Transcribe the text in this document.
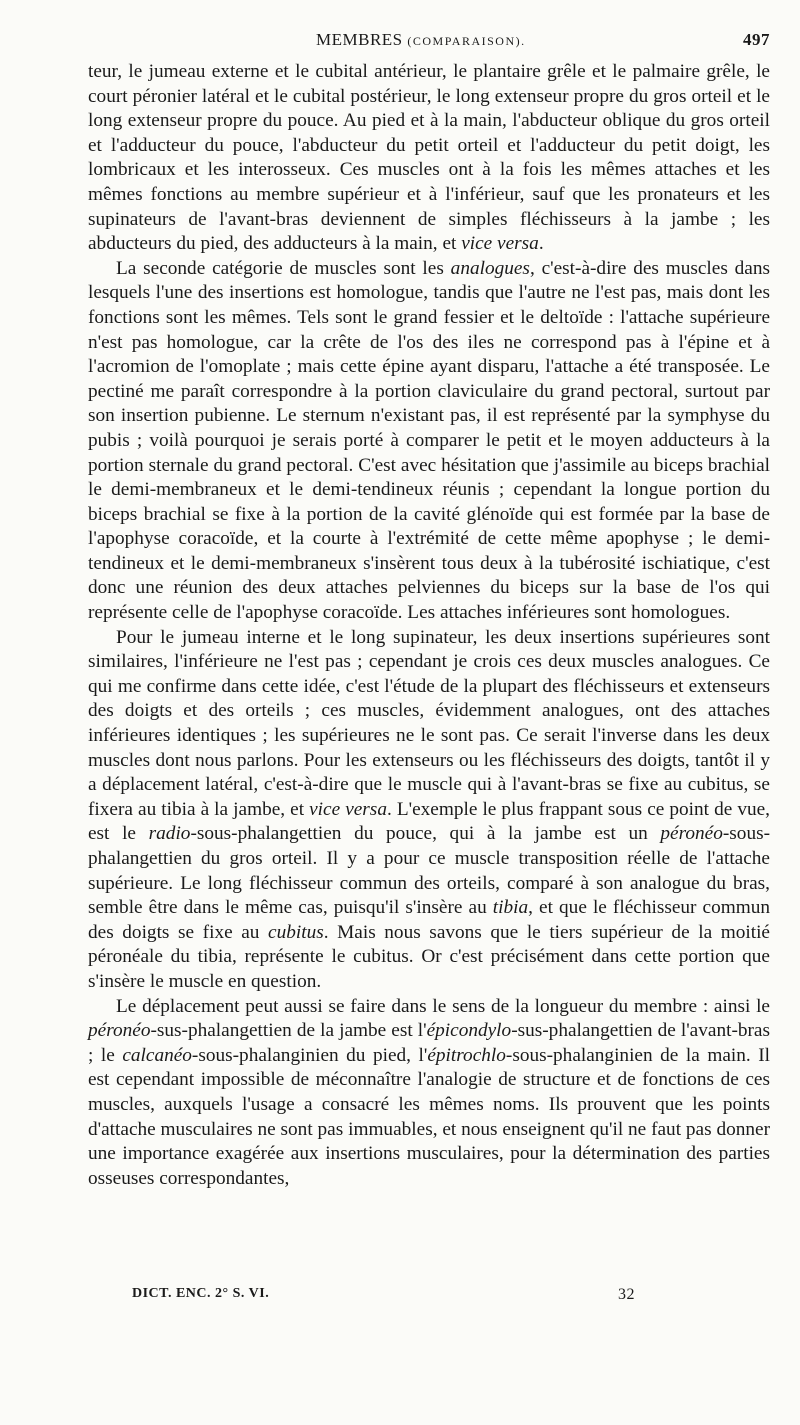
MEMBRES (COMPARAISON).	497

teur, le jumeau externe et le cubital antérieur, le plantaire grêle et le palmaire grêle, le court péronier latéral et le cubital postérieur, le long extenseur propre du gros orteil et le long extenseur propre du pouce. Au pied et à la main, l'abducteur oblique du gros orteil et l'adducteur du pouce, l'abducteur du petit orteil et l'adducteur du petit doigt, les lombricaux et les interosseux. Ces muscles ont à la fois les mêmes attaches et les mêmes fonctions au membre supérieur et à l'inférieur, sauf que les pronateurs et les supinateurs de l'avant-bras deviennent de simples fléchisseurs à la jambe ; les abducteurs du pied, des adducteurs à la main, et vice versa.

La seconde catégorie de muscles sont les analogues, c'est-à-dire des muscles dans lesquels l'une des insertions est homologue, tandis que l'autre ne l'est pas, mais dont les fonctions sont les mêmes. Tels sont le grand fessier et le deltoïde : l'attache supérieure n'est pas homologue, car la crête de l'os des iles ne correspond pas à l'épine et à l'acromion de l'omoplate ; mais cette épine ayant disparu, l'attache a été transposée. Le pectiné me paraît correspondre à la portion claviculaire du grand pectoral, surtout par son insertion pubienne. Le sternum n'existant pas, il est représenté par la symphyse du pubis ; voilà pourquoi je serais porté à comparer le petit et le moyen adducteurs à la portion sternale du grand pectoral. C'est avec hésitation que j'assimile au biceps brachial le demi-membraneux et le demi-tendineux réunis ; cependant la longue portion du biceps brachial se fixe à la portion de la cavité glénoïde qui est formée par la base de l'apophyse coracoïde, et la courte à l'extrémité de cette même apophyse ; le demi-tendineux et le demi-membraneux s'insèrent tous deux à la tubérosité ischiatique, c'est donc une réunion des deux attaches pelviennes du biceps sur la base de l'os qui représente celle de l'apophyse coracoïde. Les attaches inférieures sont homologues.

Pour le jumeau interne et le long supinateur, les deux insertions supérieures sont similaires, l'inférieure ne l'est pas ; cependant je crois ces deux muscles analogues. Ce qui me confirme dans cette idée, c'est l'étude de la plupart des fléchisseurs et extenseurs des doigts et des orteils ; ces muscles, évidemment analogues, ont des attaches inférieures identiques ; les supérieures ne le sont pas. Ce serait l'inverse dans les deux muscles dont nous parlons. Pour les extenseurs ou les fléchisseurs des doigts, tantôt il y a déplacement latéral, c'est-à-dire que le muscle qui à l'avant-bras se fixe au cubitus, se fixera au tibia à la jambe, et vice versa. L'exemple le plus frappant sous ce point de vue, est le radio-sous-phalangettien du pouce, qui à la jambe est un péronéo-sous-phalangettien du gros orteil. Il y a pour ce muscle transposition réelle de l'attache supérieure. Le long fléchisseur commun des orteils, comparé à son analogue du bras, semble être dans le même cas, puisqu'il s'insère au tibia, et que le fléchisseur commun des doigts se fixe au cubitus. Mais nous savons que le tiers supérieur de la moitié péronéale du tibia, représente le cubitus. Or c'est précisément dans cette portion que s'insère le muscle en question.

Le déplacement peut aussi se faire dans le sens de la longueur du membre : ainsi le péronéo-sus-phalangettien de la jambe est l'épicondylo-sus-phalangettien de l'avant-bras ; le calcanéo-sous-phalanginien du pied, l'épitrochlo-sous-phalanginien de la main. Il est cependant impossible de méconnaître l'analogie de structure et de fonctions de ces muscles, auxquels l'usage a consacré les mêmes noms. Ils prouvent que les points d'attache musculaires ne sont pas immuables, et nous enseignent qu'il ne faut pas donner une importance exagérée aux insertions musculaires, pour la détermination des parties osseuses correspondantes,

DICT. ENC. 2° S. VI.	32
